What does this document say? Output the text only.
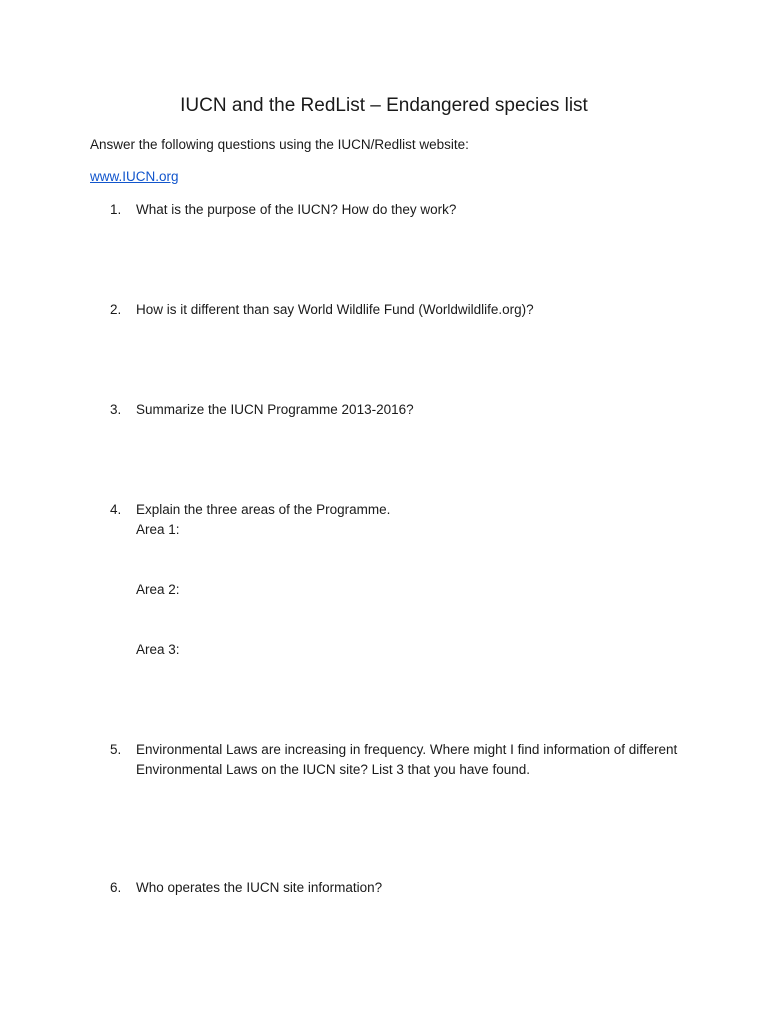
IUCN and the RedList – Endangered species list
Answer the following questions using the IUCN/Redlist website:
www.IUCN.org
1.	What is the purpose of the IUCN? How do they work?
2.	How is it different than say World Wildlife Fund (Worldwildlife.org)?
3.	Summarize the IUCN Programme 2013-2016?
4.	Explain the three areas of the Programme.
Area 1:
Area 2:
Area 3:
5.	Environmental Laws are increasing in frequency. Where might I find information of different Environmental Laws on the IUCN site? List 3 that you have found.
6.	Who operates the IUCN site information?
